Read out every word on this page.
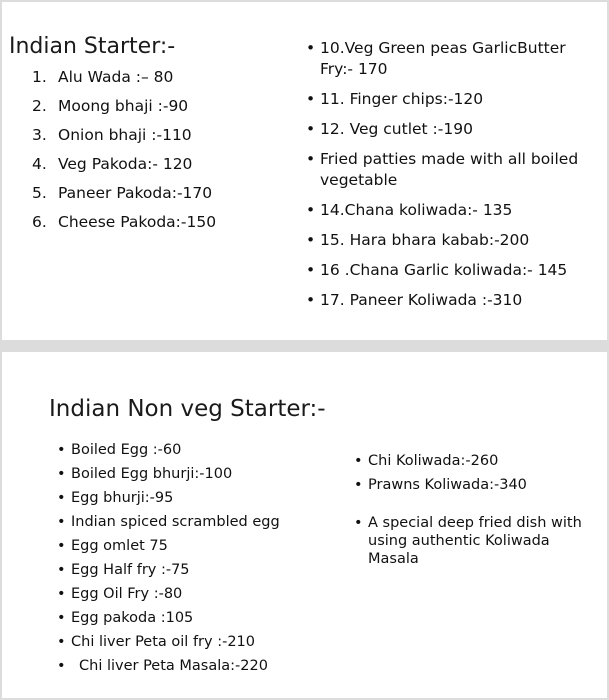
Indian Starter:-
1. Alu Wada :– 80
2. Moong bhaji :-90
3. Onion bhaji :-110
4. Veg Pakoda:- 120
5. Paneer Pakoda:-170
6. Cheese Pakoda:-150
• 10.Veg Green peas GarlicButter Fry:- 170
• 11. Finger chips:-120
• 12. Veg cutlet :-190
• Fried patties made with all boiled vegetable
• 14.Chana koliwada:- 135
• 15. Hara bhara kabab:-200
• 16 .Chana Garlic koliwada:- 145
• 17. Paneer Koliwada :-310
Indian Non veg Starter:-
• Boiled Egg :-60
• Boiled Egg bhurji:-100
• Egg bhurji:-95
• Indian spiced scrambled egg
• Egg omlet 75
• Egg Half fry :-75
• Egg Oil Fry :-80
• Egg pakoda :105
• Chi liver Peta oil fry :-210
• Chi liver Peta Masala:-220
• Chi Koliwada:-260
• Prawns Koliwada:-340
• A special deep fried dish with using authentic Koliwada Masala
